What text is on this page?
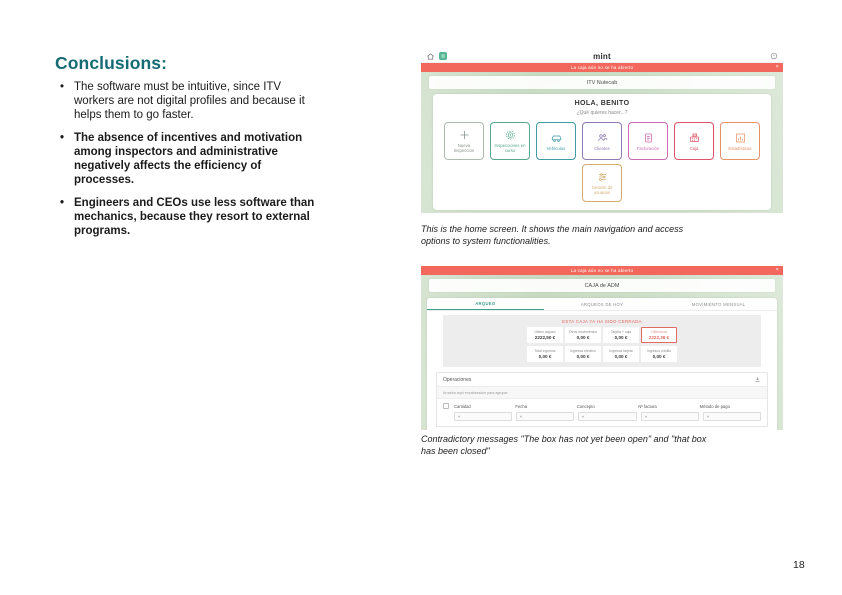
Conclusions:
• The software must be intuitive, since ITV workers are not digital profiles and because it helps them to go faster.
• The absence of incentives and motivation among inspectors and administrative negatively affects the efficiency of processes.
• Engineers and CEOs use less software than mechanics, because they resort to external programs.
mint
La caja aún no se ha abierto	×
ITV Nutecab
HOLA, BENITO
¿Qué quieres hacer...?
Nueva Inspección
Inspecciones en curso	Vehículos	Clientes	Facturación	Caja	Estadísticas
Gestión de usuarios
This is the home screen. It shows the main navigation and access options to system functionalities.
La caja aún no se ha abierto	×
CAJA de ADM
ARQUEO	ARQUEOS DE HOY	MOVIMIENTO MENSUAL
ESTA CAJA YA HA SIDO CERRADA
Último arqueo
2222,50 €
Otros movimientos
0,00 €
Tarjeta + caja
0,00 €
Diferencia
2222,38 €
Total ingresos
0,00 €
Ingresos efectivo
0,00 €
Ingresos tarjeta
0,00 €
Ingresos crédito
0,00 €
Operaciones
Arrastra aquí encabezados para agrupar
Cantidad	Fecha	Concepto	Nº factura	Método de pago
Contradictory messages "The box has not yet been open" and "that box has been closed"
18
